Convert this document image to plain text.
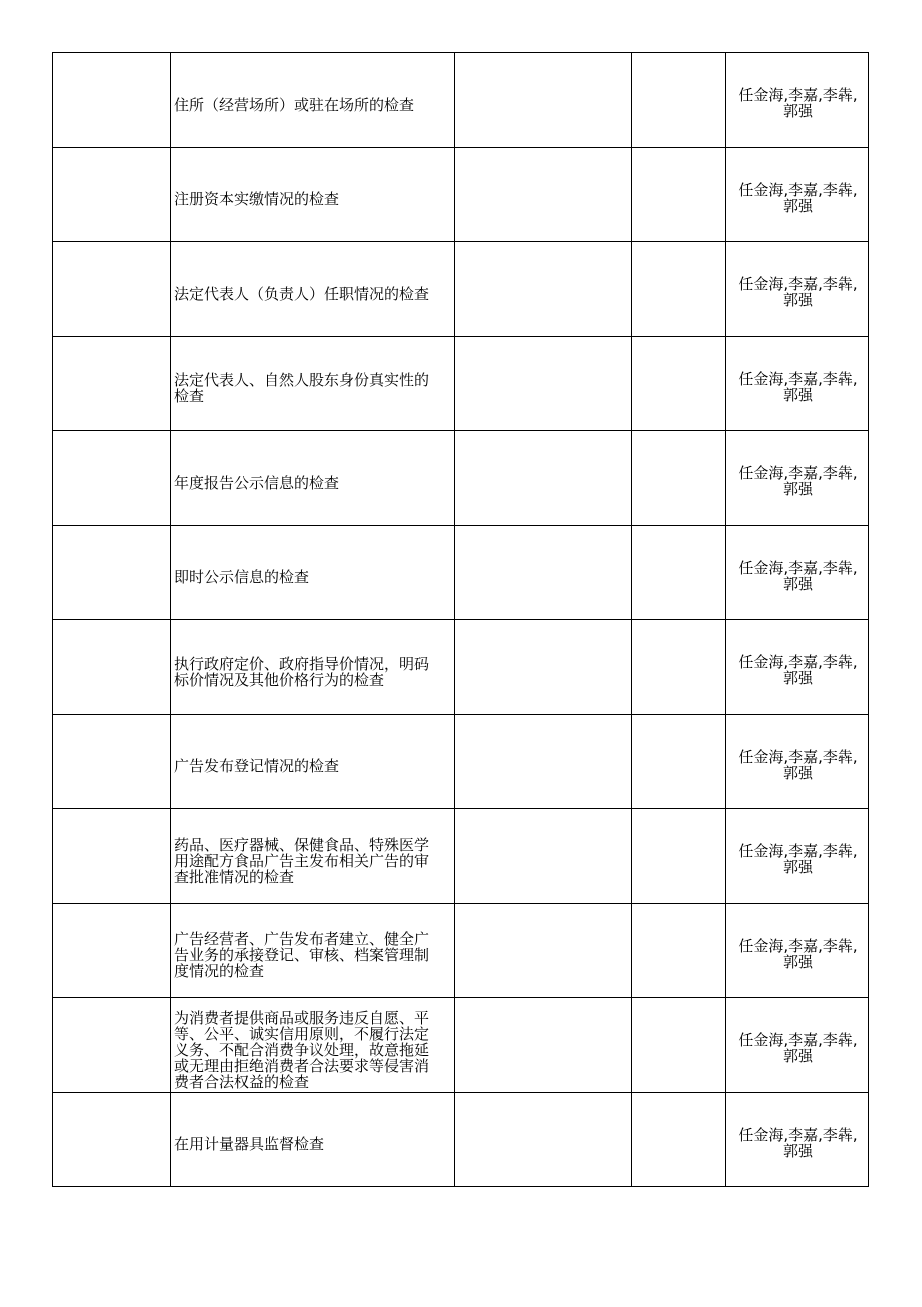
	住所（经营场所）或驻在场所的检查			任金海,李嘉,李犇,郭强

	注册资本实缴情况的检查			任金海,李嘉,李犇,郭强

	法定代表人（负责人）任职情况的检查			任金海,李嘉,李犇,郭强

	法定代表人、自然人股东身份真实性的检查			任金海,李嘉,李犇,郭强

	年度报告公示信息的检查			任金海,李嘉,李犇,郭强

	即时公示信息的检查			任金海,李嘉,李犇,郭强

	执行政府定价、政府指导价情况，明码标价情况及其他价格行为的检查			任金海,李嘉,李犇,郭强

	广告发布登记情况的检查			任金海,李嘉,李犇,郭强

	药品、医疗器械、保健食品、特殊医学用途配方食品广告主发布相关广告的审查批准情况的检查			任金海,李嘉,李犇,郭强

	广告经营者、广告发布者建立、健全广告业务的承接登记、审核、档案管理制度情况的检查			任金海,李嘉,李犇,郭强

	为消费者提供商品或服务违反自愿、平等、公平、诚实信用原则，不履行法定义务、不配合消费争议处理，故意拖延或无理由拒绝消费者合法要求等侵害消费者合法权益的检查			任金海,李嘉,李犇,郭强

	在用计量器具监督检查			任金海,李嘉,李犇,郭强
